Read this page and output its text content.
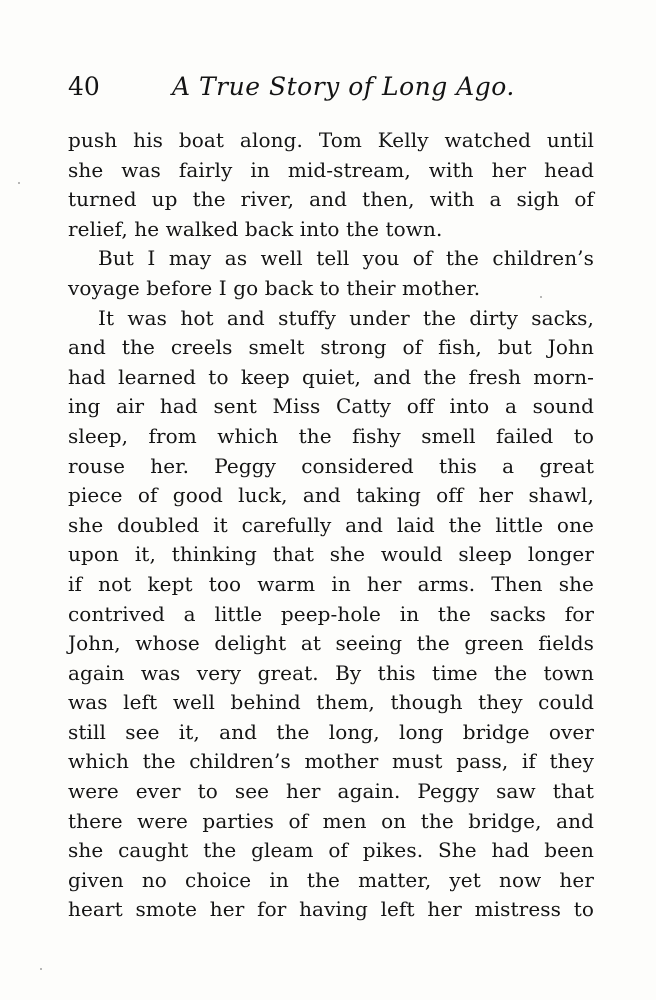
40	A True Story of Long Ago.
push his boat along. Tom Kelly watched until
she was fairly in mid-stream, with her head
turned up the river, and then, with a sigh of
relief, he walked back into the town.
But I may as well tell you of the children’s
voyage before I go back to their mother.
It was hot and stuffy under the dirty sacks,
and the creels smelt strong of fish, but John
had learned to keep quiet, and the fresh morn-
ing air had sent Miss Catty off into a sound
sleep, from which the fishy smell failed to
rouse her. Peggy considered this a great
piece of good luck, and taking off her shawl,
she doubled it carefully and laid the little one
upon it, thinking that she would sleep longer
if not kept too warm in her arms. Then she
contrived a little peep-hole in the sacks for
John, whose delight at seeing the green fields
again was very great. By this time the town
was left well behind them, though they could
still see it, and the long, long bridge over
which the children’s mother must pass, if they
were ever to see her again. Peggy saw that
there were parties of men on the bridge, and
she caught the gleam of pikes. She had been
given no choice in the matter, yet now her
heart smote her for having left her mistress to
